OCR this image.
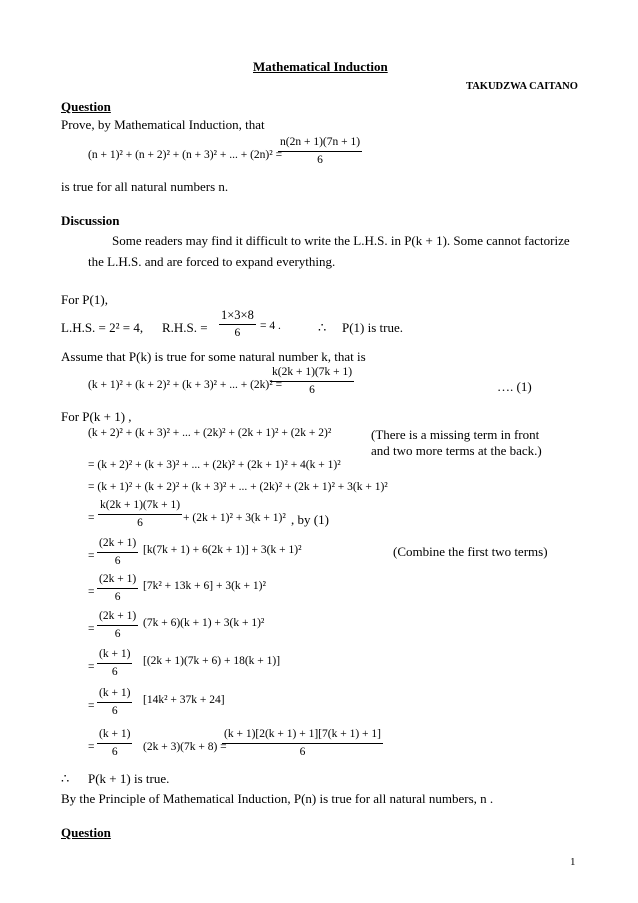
Mathematical Induction
TAKUDZWA CAITANO
Question
Prove, by Mathematical Induction, that
(n + 1)² + (n + 2)² + (n + 3)² + ... + (2n)² =
$\frac{n(2n + 1)(7n + 1)}{6}$
is true for all natural numbers n.
Discussion
Some readers may find it difficult to write the L.H.S. in P(k + 1). Some cannot factorize
the L.H.S. and are forced to expand everything.
For P(1),
L.H.S. = 2² = 4, R.H.S. = $\frac{1\times 3\times 8}{6} = 4$ .	∴ P(1) is true.
Assume that P(k) is true for some natural number k, that is
(k + 1)² + (k + 2)² + (k + 3)² + ... + (2k)² =
$\frac{k(2k + 1)(7k + 1)}{6}$	…. (1)
For P(k + 1) ,
(k + 2)² + (k + 3)² + ... + (2k)² + (2k + 1)² + (2k + 2)²	(There is a missing term in front
and two more terms at the back.)
= (k + 2)² + (k + 3)² + ... + (2k)² + (2k + 1)² + 4(k + 1)²
= (k + 1)² + (k + 2)² + (k + 3)² + ... + (2k)² + (2k + 1)² + 3(k + 1)²
= $\frac{k(2k + 1)(7k + 1)}{6} + (2k + 1)^2 + 3(k + 1)^2$ , by (1)
= $\frac{(2k + 1)}{6} [k(7k + 1) + 6(2k + 1)] + 3(k + 1)^2$	(Combine the first two terms)
= $\frac{(2k + 1)}{6} [7k^2 + 13k + 6] + 3(k + 1)^2$
= $\frac{(2k + 1)}{6} (7k + 6)(k + 1) + 3(k + 1)^2$
= $\frac{(k + 1)}{6} [(2k + 1)(7k + 6) + 18(k + 1)]$
= $\frac{(k + 1)}{6} [14k^2 + 37k + 24]$
= $\frac{(k + 1)}{6} (2k + 3)(7k + 8)$ =
$\frac{(k + 1)[2(k + 1) + 1][7(k + 1) + 1]}{6}$
∴ P(k + 1) is true.
By the Principle of Mathematical Induction, P(n) is true for all natural numbers, n .
Question
1
